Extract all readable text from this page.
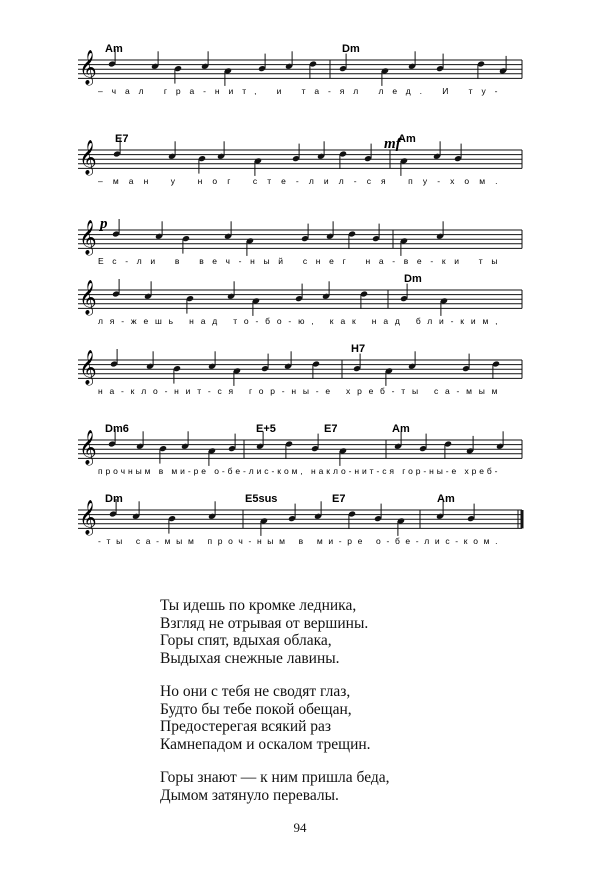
𝄞
Am	Dm
–чал гра-нит, и та-ял лед. И ту-
𝄞
E7	Am
mf
–ман у ног сте-лил-ся пу-хом.
𝄞 p
Ес-ли в веч-ный снег на-ве-ки ты
𝄞
Dm
ля-жешь над то-бо-ю, как над бли-ким,
𝄞
H7
на-кло-нит-ся гор-ны-е хреб-ты са-мым
𝄞
Dm6	E+5	E7	Am
прочным в ми-ре о-бе-лис-ком, накло-нит-ся гор-ны-е хреб-
𝄞
Dm	E5sus	E7	Am
-ты са-мым проч-ным в ми-ре о-бе-лис-ком.
Ты идешь по кромке ледника,
Взгляд не отрывая от вершины.
Горы спят, вдыхая облака,
Выдыхая снежные лавины.
Но они с тебя не сводят глаз,
Будто бы тебе покой обещан,
Предостерегая всякий раз
Камнепадом и оскалом трещин.
Горы знают — к ним пришла беда,
Дымом затянуло перевалы.
94
